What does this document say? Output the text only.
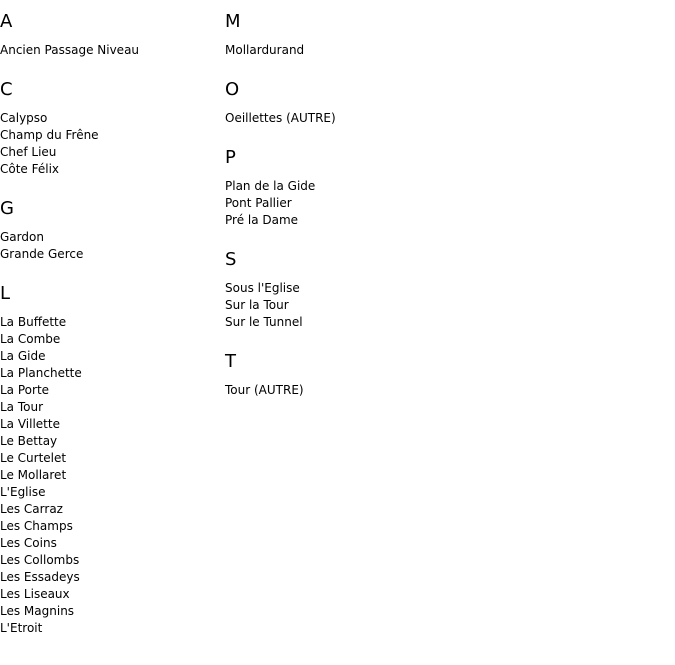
A
Ancien Passage Niveau
C
Calypso
Champ du Frêne
Chef Lieu
Côte Félix
G
Gardon
Grande Gerce
L
La Buffette
La Combe
La Gide
La Planchette
La Porte
La Tour
La Villette
Le Bettay
Le Curtelet
Le Mollaret
L'Eglise
Les Carraz
Les Champs
Les Coins
Les Collombs
Les Essadeys
Les Liseaux
Les Magnins
L'Etroit
M
Mollardurand
O
Oeillettes (AUTRE)
P
Plan de la Gide
Pont Pallier
Pré la Dame
S
Sous l'Eglise
Sur la Tour
Sur le Tunnel
T
Tour (AUTRE)
